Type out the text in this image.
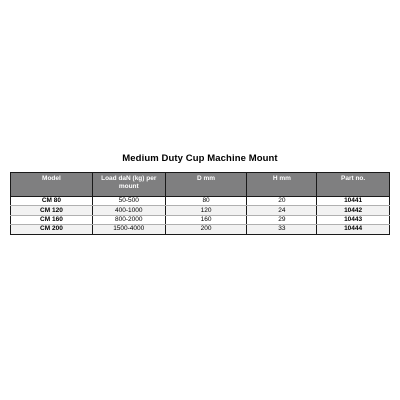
Medium Duty Cup Machine Mount
Model	Load daN (kg) per mount	D mm	H mm	Part no.
CM 80	50-500	80	20	10441
CM 120	400-1000	120	24	10442
CM 160	800-2000	160	29	10443
CM 200	1500-4000	200	33	10444
